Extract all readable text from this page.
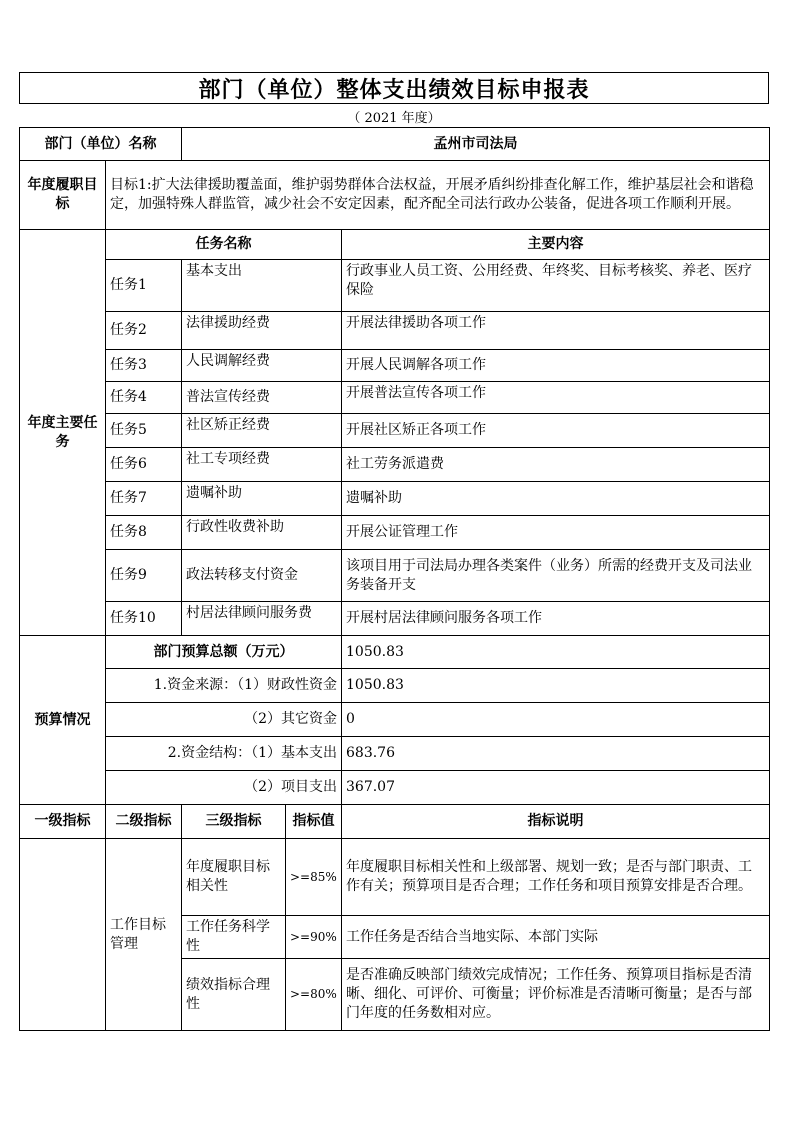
部门（单位）整体支出绩效目标申报表
（ 2021 年度）
部门（单位）名称		孟州市司法局		
年度履职目标	目标1:扩大法律援助覆盖面，维护弱势群体合法权益，开展矛盾纠纷排查化解工作，维护基层社会和谐稳定，加强特殊人群监管，减少社会不安定因素，配齐配全司法行政办公装备，促进各项工作顺利开展。			
年度主要任务	任务名称			主要内容
	任务1	基本支出		行政事业人员工资、公用经费、年终奖、目标考核奖、养老、医疗保险
	任务2	法律援助经费		开展法律援助各项工作
	任务3	人民调解经费		开展人民调解各项工作
	任务4	普法宣传经费		开展普法宣传各项工作
	任务5	社区矫正经费		开展社区矫正各项工作
	任务6	社工专项经费		社工劳务派遣费
	任务7	遗嘱补助		遗嘱补助
	任务8	行政性收费补助		开展公证管理工作
	任务9	政法转移支付资金		该项目用于司法局办理各类案件（业务）所需的经费开支及司法业务装备开支
	任务10	村居法律顾问服务费		开展村居法律顾问服务各项工作
预算情况	部门预算总额（万元）			1050.83
	1.资金来源：（1）财政性资金			1050.83
	（2）其它资金			0
	2.资金结构：（1）基本支出			683.76
	（2）项目支出			367.07
一级指标	二级指标	三级指标	指标值	指标说明
	工作目标管理	年度履职目标相关性	>=85%	年度履职目标相关性和上级部署、规划一致；是否与部门职责、工作有关；预算项目是否合理；工作任务和项目预算安排是否合理。
		工作任务科学性	>=90%	工作任务是否结合当地实际、本部门实际
		绩效指标合理性	>=80%	是否准确反映部门绩效完成情况；工作任务、预算项目指标是否清晰、细化、可评价、可衡量；评价标准是否清晰可衡量；是否与部门年度的任务数相对应。
